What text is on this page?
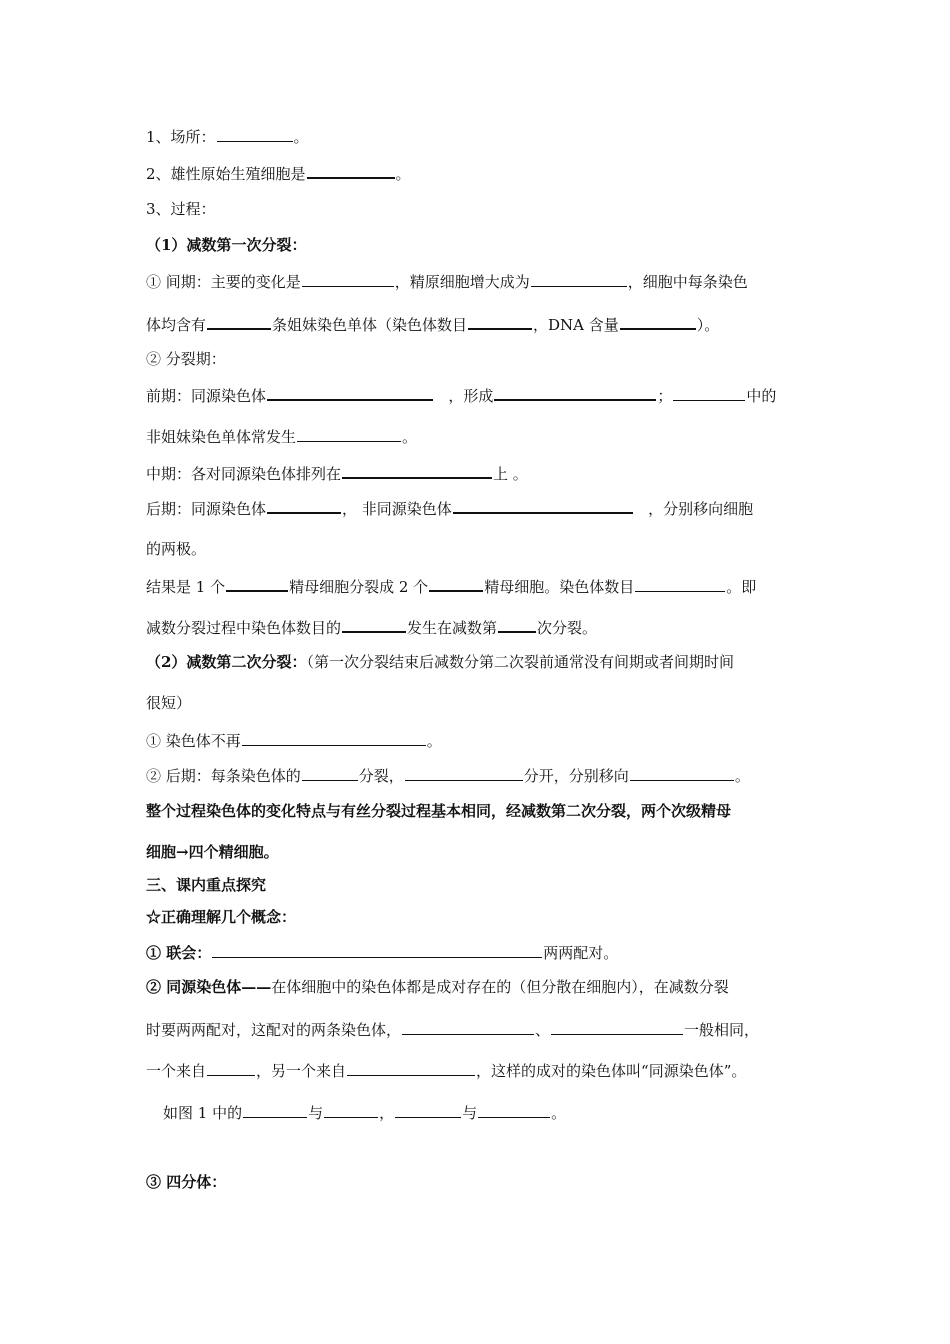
1、场所：	。
2、雄性原始生殖细胞是	。
3、过程：
（1）减数第一次分裂：
① 间期：主要的变化是	，精原细胞增大成为	，细胞中每条染色
体均含有	条姐妹染色单体（染色体数目	，DNA 含量	）。
② 分裂期：
前期：同源染色体	，形成	；	中的
非姐妹染色单体常发生	。
中期：各对同源染色体排列在	上 。
后期：同源染色体	， 非同源染色体	，分别移向细胞
的两极。
结果是 1 个	精母细胞分裂成 2 个	精母细胞。染色体数目	。即
减数分裂过程中染色体数目的	发生在减数第	次分裂。
（2）减数第二次分裂：（第一次分裂结束后减数分第二次裂前通常没有间期或者间期时间
很短）
① 染色体不再	。
② 后期：每条染色体的	分裂，	分开，分别移向	。
整个过程染色体的变化特点与有丝分裂过程基本相同，经减数第二次分裂，两个次级精母
细胞→四个精细胞。
三、课内重点探究
☆正确理解几个概念：
① 联会：	两两配对。
② 同源染色体——在体细胞中的染色体都是成对存在的（但分散在细胞内），在减数分裂
时要两两配对，这配对的两条染色体，	、	一般相同，
一个来自	，另一个来自	，这样的成对的染色体叫“同源染色体”。
如图 1 中的	与	，	与	。
③ 四分体：
